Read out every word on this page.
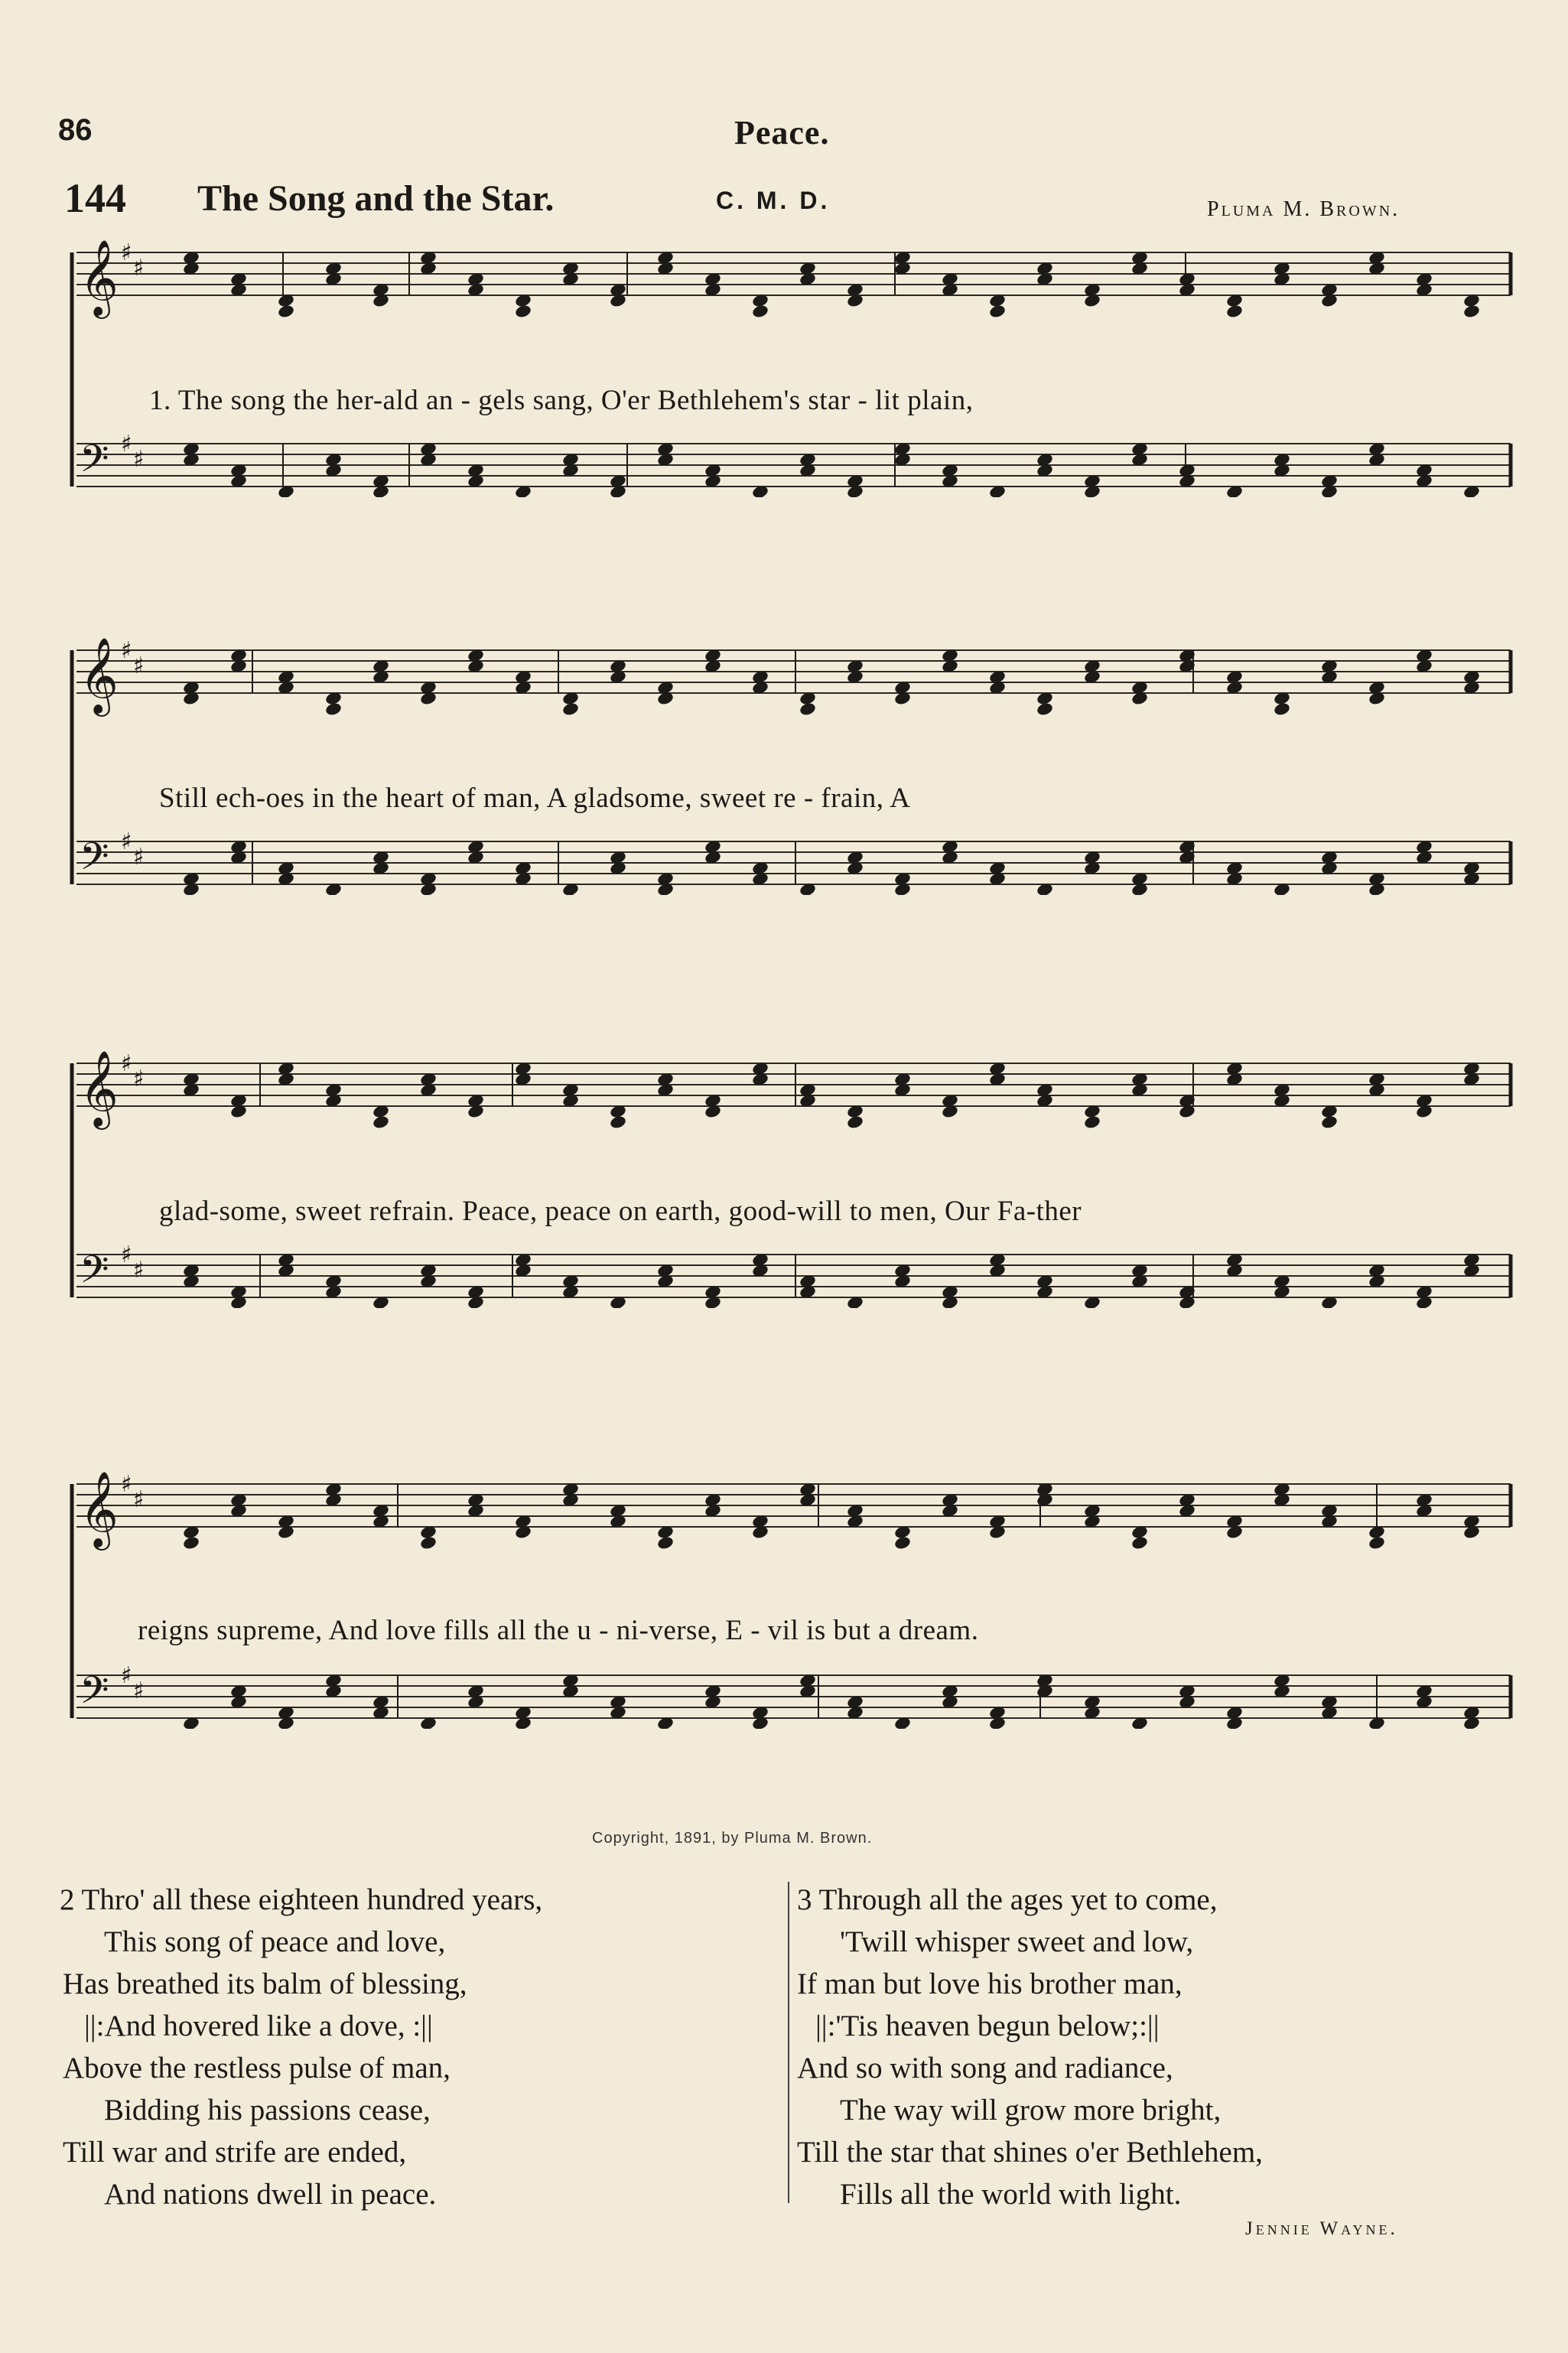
86	Peace.
144 The Song and the Star.	C. M. D.	Pluma M. Brown.
𝄞 ♯
♯
𝄢 ♯
♯
𝄞 ♯
♯
𝄢 ♯
♯
𝄞 ♯
♯
𝄢 ♯
♯
𝄞 ♯
♯
𝄢 ♯
♯
1. The song the her-ald an - gels sang, O'er Bethlehem's star - lit plain,
Still ech-oes in the heart of man, A gladsome, sweet re - frain, A
glad-some, sweet refrain. Peace, peace on earth, good-will to men, Our Fa-ther
reigns supreme, And love fills all the u - ni-verse, E - vil is but a dream.
Copyright, 1891, by Pluma M. Brown.
2 Thro' all these eighteen hundred years,
This song of peace and love,
Has breathed its balm of blessing,
||:And hovered like a dove, :||
Above the restless pulse of man,
Bidding his passions cease,
Till war and strife are ended,
And nations dwell in peace.
3 Through all the ages yet to come,
'Twill whisper sweet and low,
If man but love his brother man,
||:'Tis heaven begun below;:||
And so with song and radiance,
The way will grow more bright,
Till the star that shines o'er Bethlehem,
Fills all the world with light.
Jennie Wayne.
